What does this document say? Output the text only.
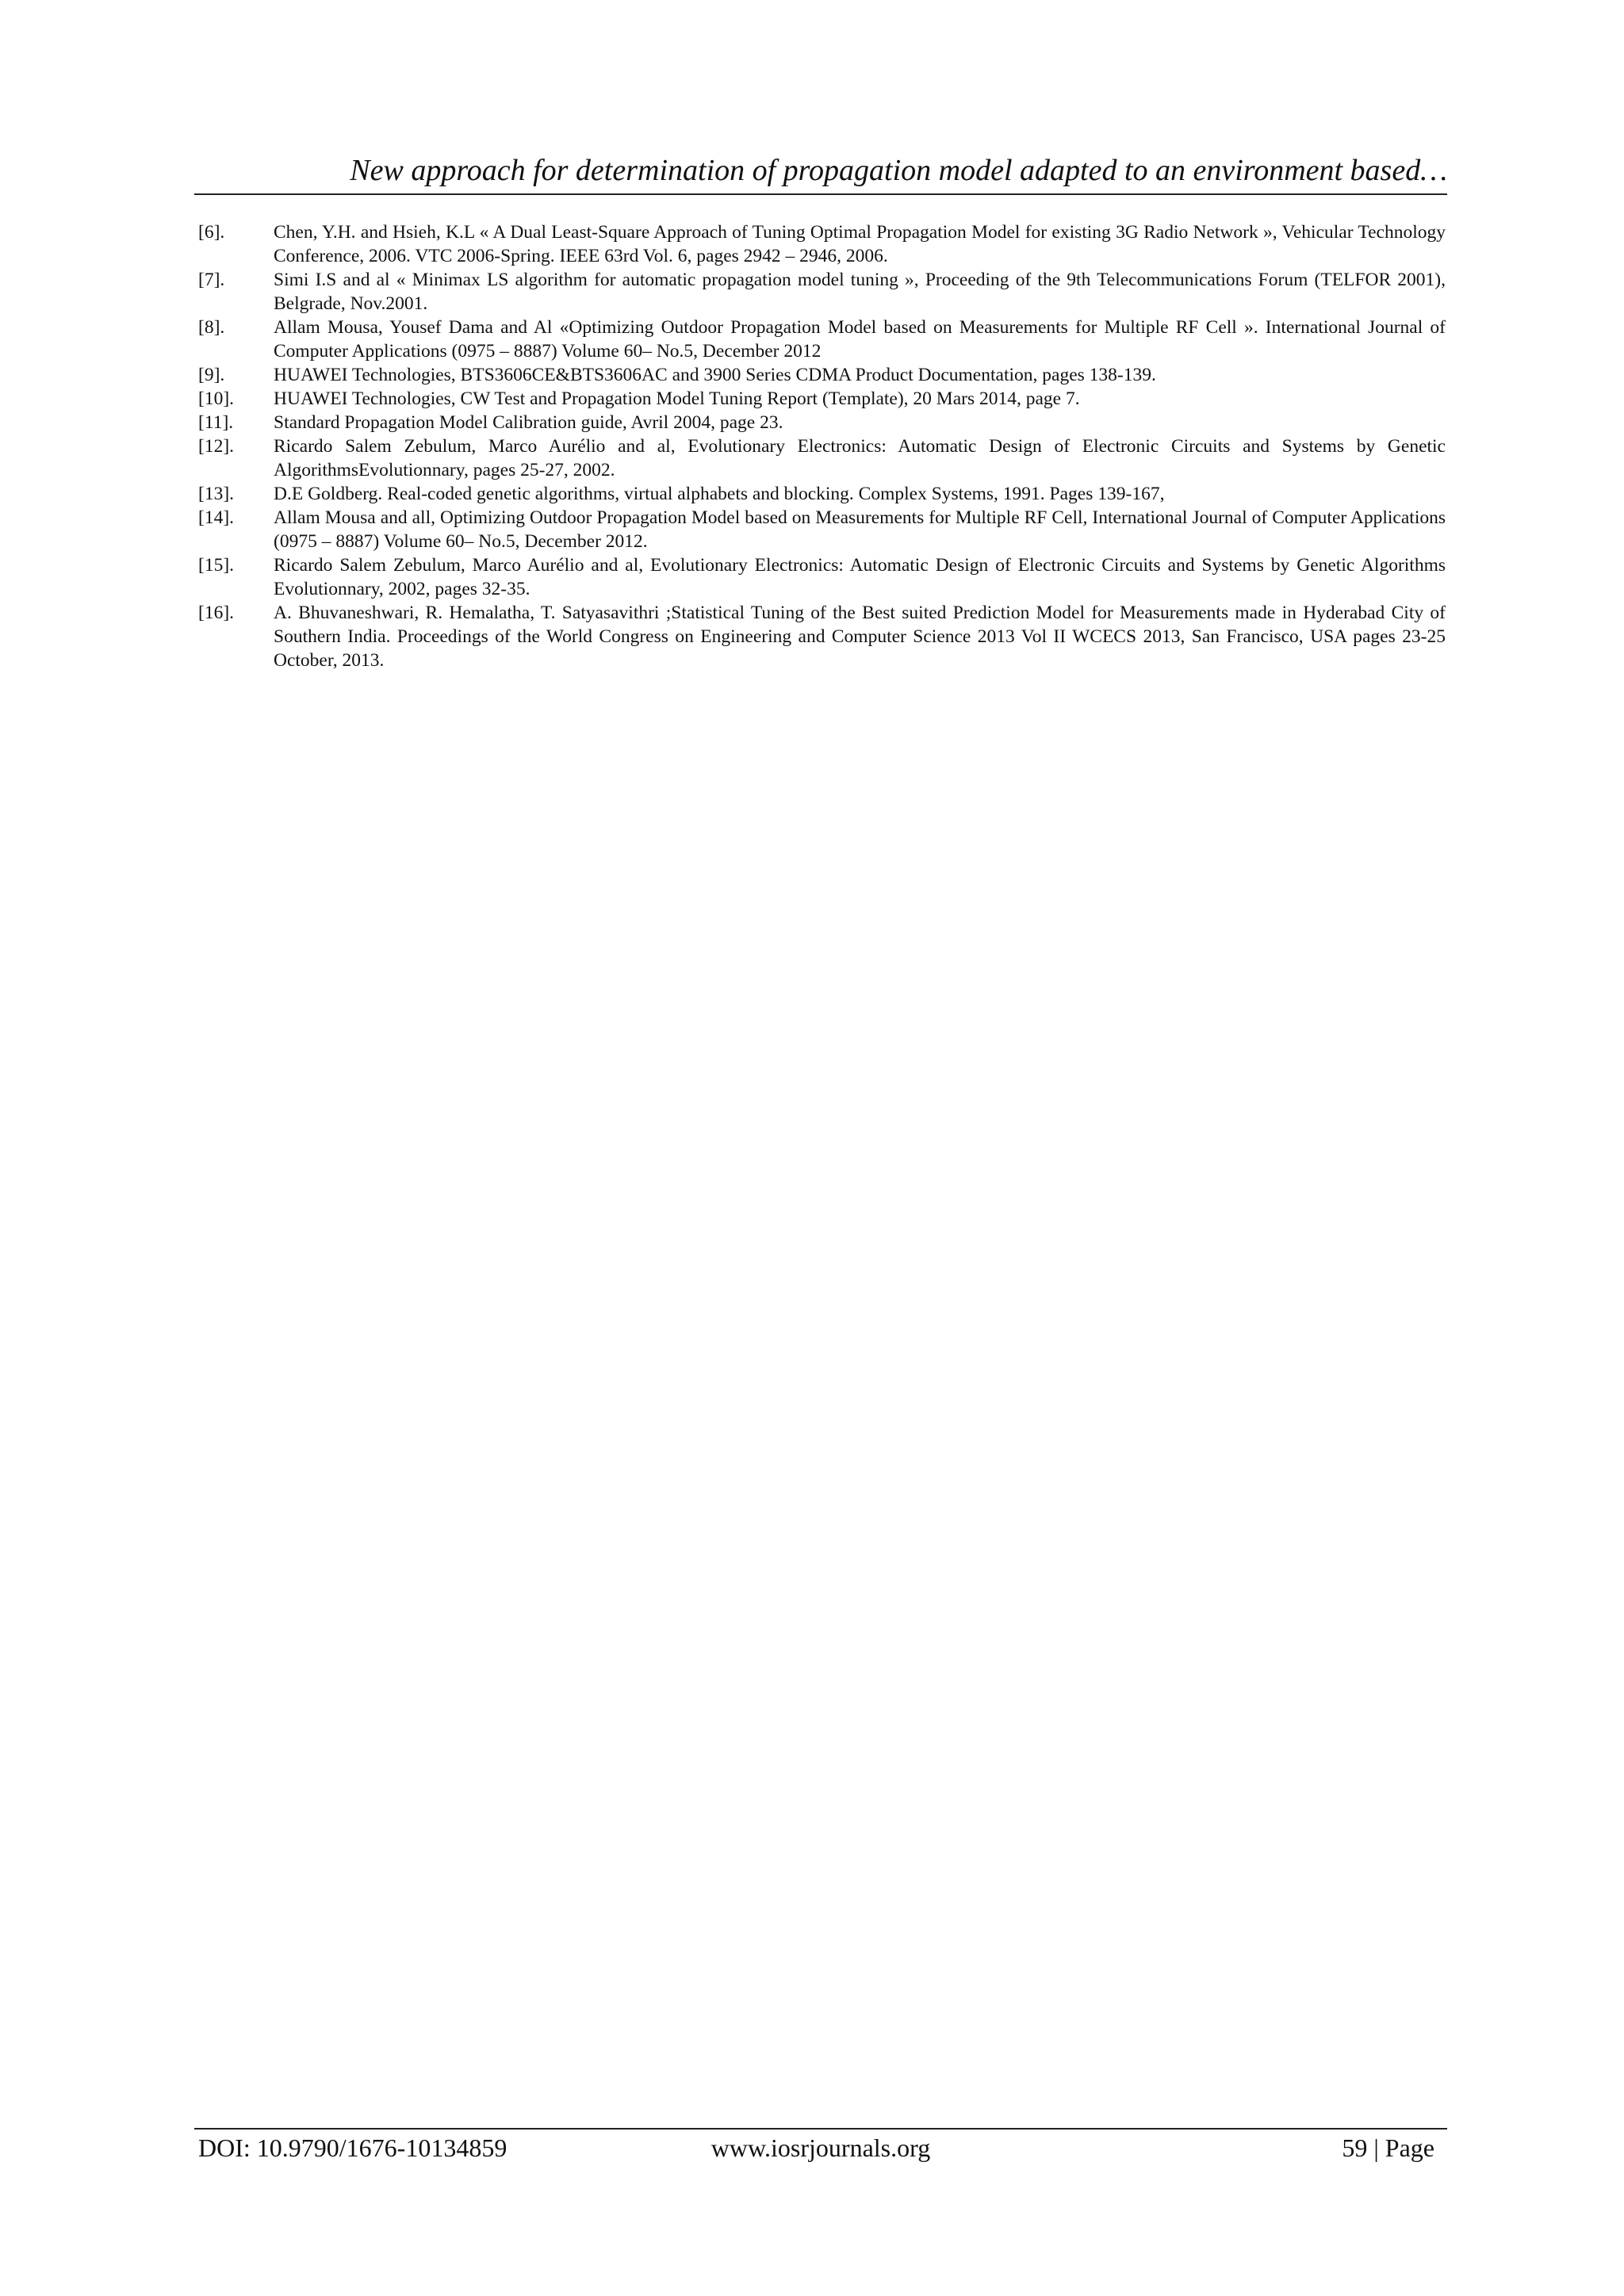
New approach for determination of propagation model adapted to an environment based…
[6].	Chen, Y.H. and Hsieh, K.L « A Dual Least-Square Approach of Tuning Optimal Propagation Model for existing 3G Radio Network », Vehicular Technology Conference, 2006. VTC 2006-Spring. IEEE 63rd Vol. 6, pages 2942 – 2946, 2006.
[7].	Simi I.S and al « Minimax LS algorithm for automatic propagation model tuning », Proceeding of the 9th Telecommunications Forum (TELFOR 2001), Belgrade, Nov.2001.
[8].	Allam Mousa, Yousef Dama and Al «Optimizing Outdoor Propagation Model based on Measurements for Multiple RF Cell ». International Journal of Computer Applications (0975 – 8887) Volume 60– No.5, December 2012
[9].	HUAWEI Technologies, BTS3606CE&BTS3606AC and 3900 Series CDMA Product Documentation, pages 138-139.
[10].	HUAWEI Technologies, CW Test and Propagation Model Tuning Report (Template), 20 Mars 2014, page 7.
[11].	Standard Propagation Model Calibration guide, Avril 2004, page 23.
[12].	Ricardo Salem Zebulum, Marco Aurélio and al, Evolutionary Electronics: Automatic Design of Electronic Circuits and Systems by Genetic AlgorithmsEvolutionnary, pages 25-27, 2002.
[13].	D.E Goldberg. Real-coded genetic algorithms, virtual alphabets and blocking. Complex Systems, 1991. Pages 139-167,
[14].	Allam Mousa and all, Optimizing Outdoor Propagation Model based on Measurements for Multiple RF Cell, International Journal of Computer Applications (0975 – 8887) Volume 60– No.5, December 2012.
[15].	Ricardo Salem Zebulum, Marco Aurélio and al, Evolutionary Electronics: Automatic Design of Electronic Circuits and Systems by Genetic Algorithms Evolutionnary, 2002, pages 32-35.
[16].	A. Bhuvaneshwari, R. Hemalatha, T. Satyasavithri ;Statistical Tuning of the Best suited Prediction Model for Measurements made in Hyderabad City of Southern India. Proceedings of the World Congress on Engineering and Computer Science 2013 Vol II WCECS 2013, San Francisco, USA pages 23-25 October, 2013.
DOI: 10.9790/1676-10134859	www.iosrjournals.org	59 | Page
